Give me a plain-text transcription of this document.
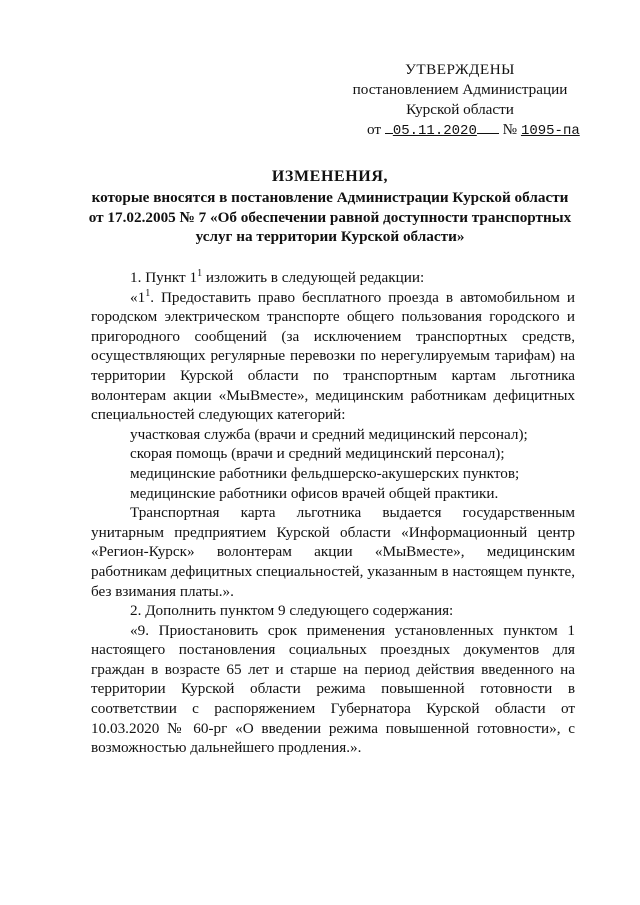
УТВЕРЖДЕНЫ
постановлением Администрации
Курской области
от 05.11.2020 № 1095-па
ИЗМЕНЕНИЯ,
которые вносятся в постановление Администрации Курской области
от 17.02.2005 № 7 «Об обеспечении равной доступности транспортных
услуг на территории Курской области»

1. Пункт $1^1$ изложить в следующей редакции:

«$1^1$. Предоставить право бесплатного проезда в автомобильном и городском электрическом транспорте общего пользования городского и пригородного сообщений (за исключением транспортных средств, осуществляющих регулярные перевозки по нерегулируемым тарифам) на территории Курской области по транспортным картам льготника волонтерам акции «МыВместе», медицинским работникам дефицитных специальностей следующих категорий:

участковая служба (врачи и средний медицинский персонал);

скорая помощь (врачи и средний медицинский персонал);

медицинские работники фельдшерско-акушерских пунктов;

медицинские работники офисов врачей общей практики.

Транспортная карта льготника выдается государственным унитарным предприятием Курской области «Информационный центр «Регион-Курск» волонтерам акции «МыВместе», медицинским работникам дефицитных специальностей, указанным в настоящем пункте, без взимания платы.».

2. Дополнить пунктом 9 следующего содержания:

«9. Приостановить срок применения установленных пунктом 1 настоящего постановления социальных проездных документов для граждан в возрасте 65 лет и старше на период действия введенного на территории Курской области режима повышенной готовности в соответствии с распоряжением Губернатора Курской области от 10.03.2020 № 60-рг «О введении режима повышенной готовности», с возможностью дальнейшего продления.».
